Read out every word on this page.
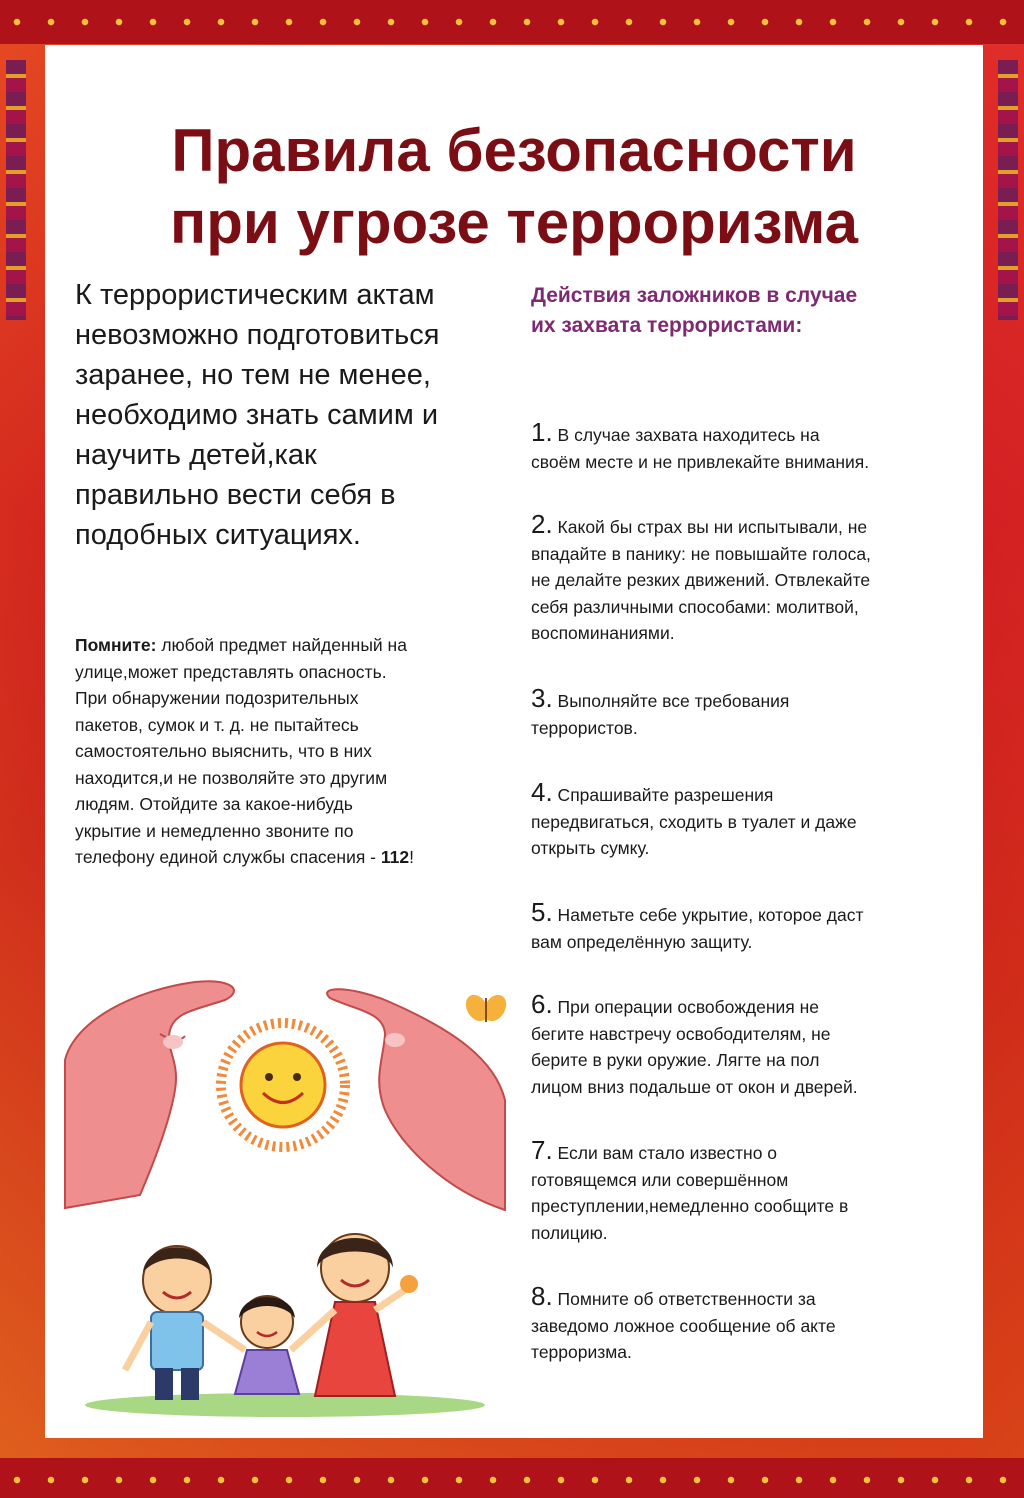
Правила безопасности
при угрозе терроризма
К террористическим актам
невозможно подготовиться
заранее, но тем не менее,
необходимо знать самим и
научить детей,как
правильно вести себя в
подобных ситуациях.
Помните: любой предмет найденный на
улице,может представлять опасность.
При обнаружении подозрительных
пакетов, сумок и т. д. не пытайтесь
самостоятельно выяснить, что в них
находится,и не позволяйте это другим
людям. Отойдите за какое-нибудь
укрытие и немедленно звоните по
телефону единой службы спасения - 112!
Действия заложников в случае
их захвата террористами:
1. В случае захвата находитесь на
своём месте и не привлекайте внимания.
2. Какой бы страх вы ни испытывали, не
впадайте в панику: не повышайте голоса,
не делайте резких движений. Отвлекайте
себя различными способами: молитвой,
воспоминаниями.
3. Выполняйте все требования
террористов.
4. Спрашивайте разрешения
передвигаться, сходить в туалет и даже
открыть сумку.
5. Наметьте себе укрытие, которое даст
вам определённую защиту.
6. При операции освобождения не
бегите навстречу освободителям, не
берите в руки оружие. Лягте на пол
лицом вниз подальше от окон и дверей.
7. Если вам стало известно о
готовящемся или совершённом
преступлении,немедленно сообщите в
полицию.
8. Помните об ответственности за
заведомо ложное сообщение об акте
терроризма.
